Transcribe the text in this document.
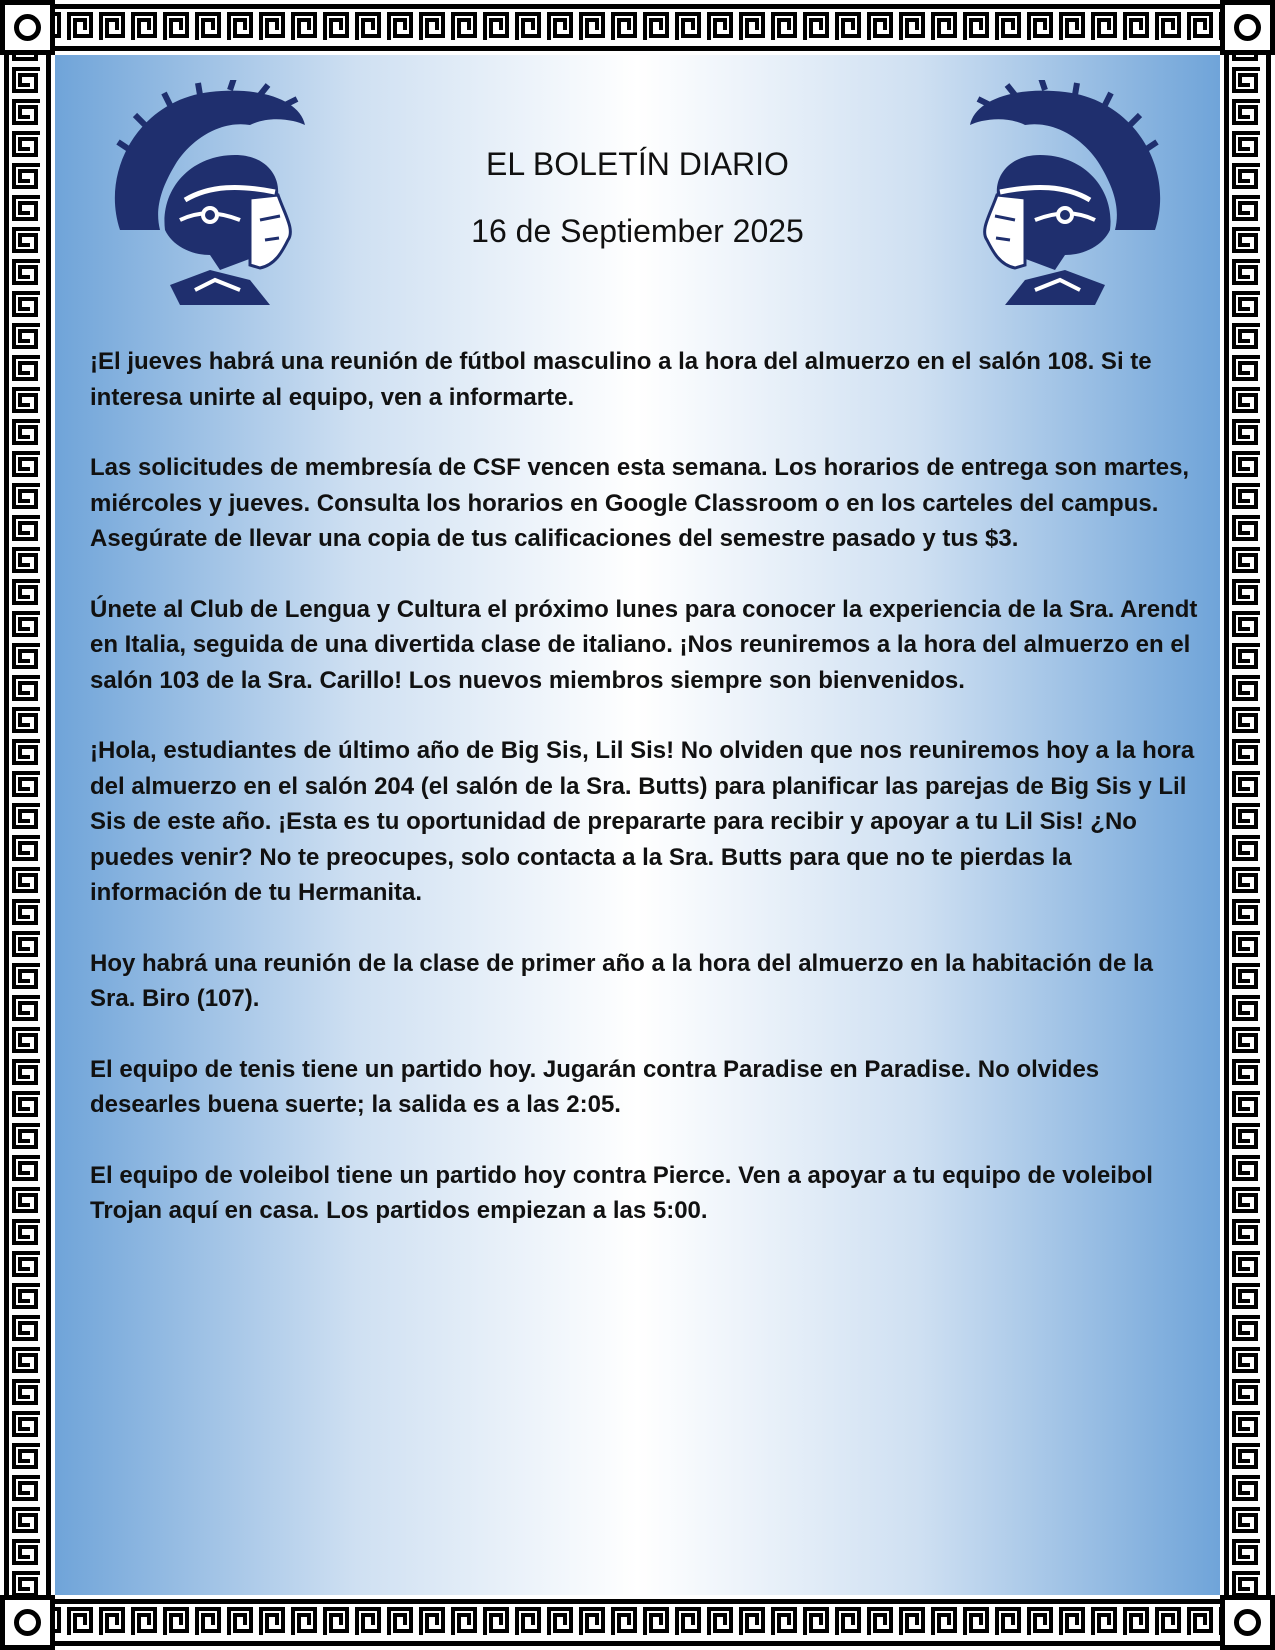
EL BOLETÍN DIARIO

16 de Septiember 2025

¡El jueves habrá una reunión de fútbol masculino a la hora del almuerzo en el salón 108. Si te interesa unirte al equipo, ven a informarte.

Las solicitudes de membresía de CSF vencen esta semana. Los horarios de entrega son martes, miércoles y jueves. Consulta los horarios en Google Classroom o en los carteles del campus. Asegúrate de llevar una copia de tus calificaciones del semestre pasado y tus $3.

Únete al Club de Lengua y Cultura el próximo lunes para conocer la experiencia de la Sra. Arendt en Italia, seguida de una divertida clase de italiano. ¡Nos reuniremos a la hora del almuerzo en el salón 103 de la Sra. Carillo! Los nuevos miembros siempre son bienvenidos.

¡Hola, estudiantes de último año de Big Sis, Lil Sis! No olviden que nos reuniremos hoy a la hora del almuerzo en el salón 204 (el salón de la Sra. Butts) para planificar las parejas de Big Sis y Lil Sis de este año. ¡Esta es tu oportunidad de prepararte para recibir y apoyar a tu Lil Sis! ¿No puedes venir? No te preocupes, solo contacta a la Sra. Butts para que no te pierdas la información de tu Hermanita.

Hoy habrá una reunión de la clase de primer año a la hora del almuerzo en la habitación de la Sra. Biro (107).

El equipo de tenis tiene un partido hoy. Jugarán contra Paradise en Paradise. No olvides desearles buena suerte; la salida es a las 2:05.

El equipo de voleibol tiene un partido hoy contra Pierce. Ven a apoyar a tu equipo de voleibol Trojan aquí en casa. Los partidos empiezan a las 5:00.
